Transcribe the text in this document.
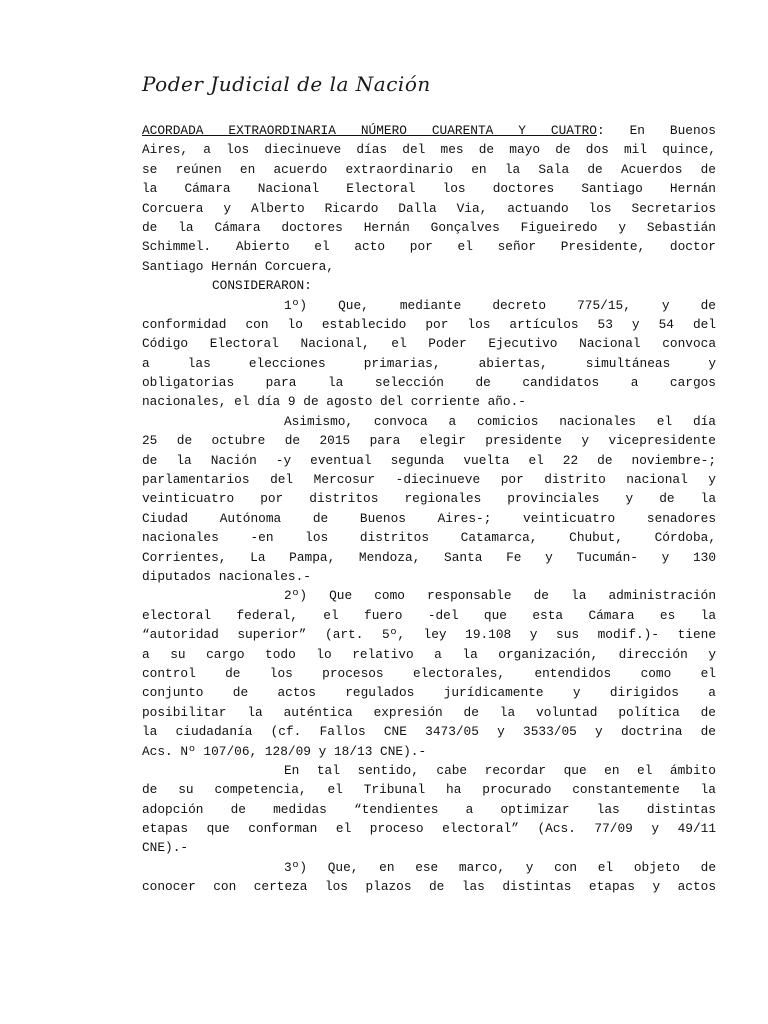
Poder Judicial de la Nación
ACORDADA EXTRAORDINARIA NÚMERO CUARENTA Y CUATRO: En Buenos
Aires, a los diecinueve días del mes de mayo de dos mil quince,
se reúnen en acuerdo extraordinario en la Sala de Acuerdos de
la Cámara Nacional Electoral los doctores Santiago Hernán
Corcuera y Alberto Ricardo Dalla Via, actuando los Secretarios
de la Cámara doctores Hernán Gonçalves Figueiredo y Sebastián
Schimmel. Abierto el acto por el señor Presidente, doctor
Santiago Hernán Corcuera,
CONSIDERARON:
1º) Que, mediante decreto 775/15, y de
conformidad con lo establecido por los artículos 53 y 54 del
Código Electoral Nacional, el Poder Ejecutivo Nacional convoca
a las elecciones primarias, abiertas, simultáneas y
obligatorias para la selección de candidatos a cargos
nacionales, el día 9 de agosto del corriente año.-
Asimismo, convoca a comicios nacionales el día
25 de octubre de 2015 para elegir presidente y vicepresidente
de la Nación -y eventual segunda vuelta el 22 de noviembre-;
parlamentarios del Mercosur -diecinueve por distrito nacional y
veinticuatro por distritos regionales provinciales y de la
Ciudad Autónoma de Buenos Aires-; veinticuatro senadores
nacionales -en los distritos Catamarca, Chubut, Córdoba,
Corrientes, La Pampa, Mendoza, Santa Fe y Tucumán- y 130
diputados nacionales.-
2º) Que como responsable de la administración
electoral federal, el fuero -del que esta Cámara es la
“autoridad superior” (art. 5º, ley 19.108 y sus modif.)- tiene
a su cargo todo lo relativo a la organización, dirección y
control de los procesos electorales, entendidos como el
conjunto de actos regulados jurídicamente y dirigidos a
posibilitar la auténtica expresión de la voluntad política de
la ciudadanía (cf. Fallos CNE 3473/05 y 3533/05 y doctrina de
Acs. Nº 107/06, 128/09 y 18/13 CNE).-
En tal sentido, cabe recordar que en el ámbito
de su competencia, el Tribunal ha procurado constantemente la
adopción de medidas “tendientes a optimizar las distintas
etapas que conforman el proceso electoral” (Acs. 77/09 y 49/11
CNE).-
3º) Que, en ese marco, y con el objeto de
conocer con certeza los plazos de las distintas etapas y actos
